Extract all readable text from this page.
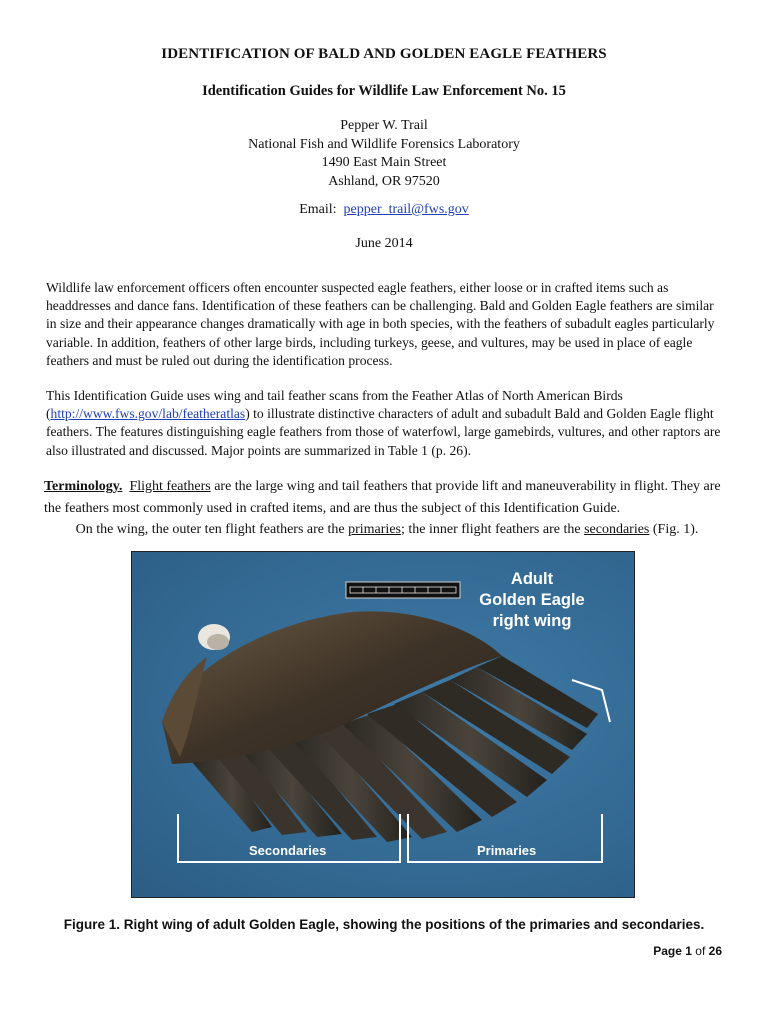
IDENTIFICATION OF BALD AND GOLDEN EAGLE FEATHERS
Identification Guides for Wildlife Law Enforcement No. 15
Pepper W. Trail
National Fish and Wildlife Forensics Laboratory
1490 East Main Street
Ashland, OR 97520
Email: pepper_trail@fws.gov
June 2014

Wildlife law enforcement officers often encounter suspected eagle feathers, either loose or in crafted items such as headdresses and dance fans. Identification of these feathers can be challenging. Bald and Golden Eagle feathers are similar in size and their appearance changes dramatically with age in both species, with the feathers of subadult eagles particularly variable. In addition, feathers of other large birds, including turkeys, geese, and vultures, may be used in place of eagle feathers and must be ruled out during the identification process.

This Identification Guide uses wing and tail feather scans from the Feather Atlas of North American Birds (http://www.fws.gov/lab/featheratlas) to illustrate distinctive characters of adult and subadult Bald and Golden Eagle flight feathers. The features distinguishing eagle feathers from those of waterfowl, large gamebirds, vultures, and other raptors are also illustrated and discussed. Major points are summarized in Table 1 (p. 26).

Terminology. Flight feathers are the large wing and tail feathers that provide lift and maneuverability in flight. They are the feathers most commonly used in crafted items, and are thus the subject of this Identification Guide.
On the wing, the outer ten flight feathers are the primaries; the inner flight feathers are the secondaries (Fig. 1).

Adult
Golden Eagle
right wing
Secondaries	Primaries
Figure 1. Right wing of adult Golden Eagle, showing the positions of the primaries and secondaries.
Page 1 of 26
